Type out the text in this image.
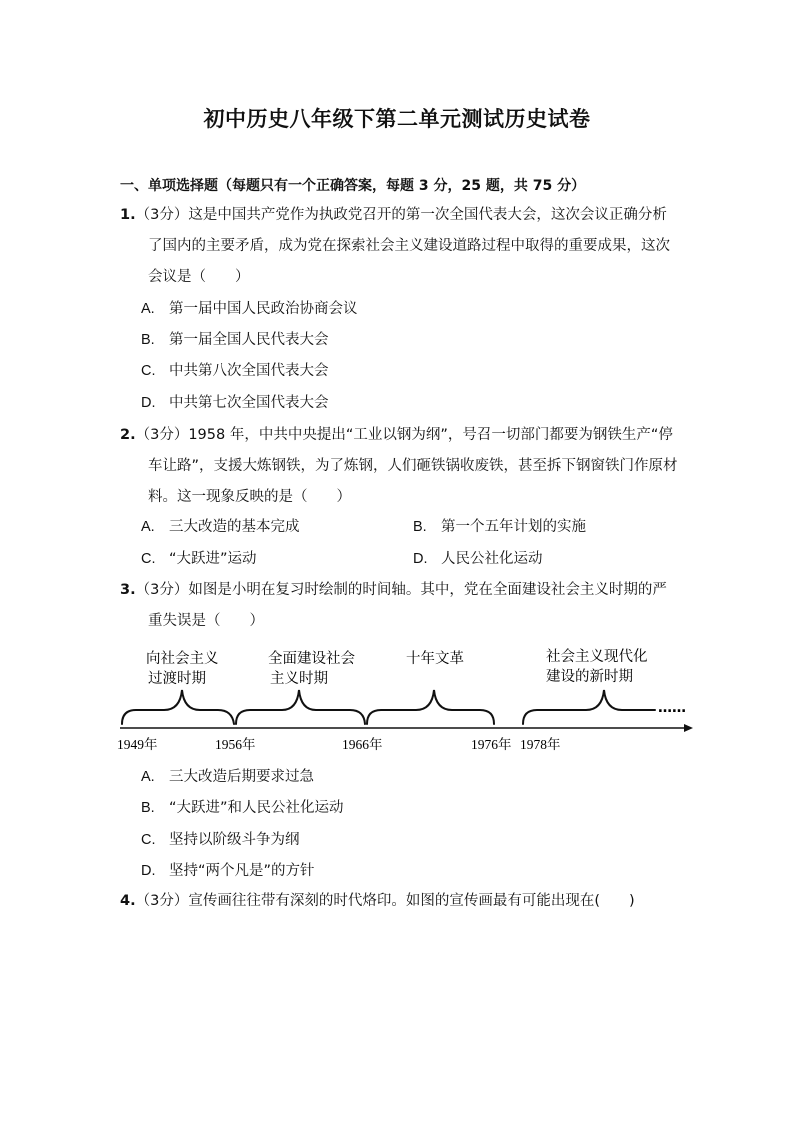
初中历史八年级下第二单元测试历史试卷
一、单项选择题（每题只有一个正确答案，每题 3 分，25 题，共 75 分）
1.（3分）这是中国共产党作为执政党召开的第一次全国代表大会，这次会议正确分析了国内的主要矛盾，成为党在探索社会主义建设道路过程中取得的重要成果，这次会议是（　　）
A. 第一届中国人民政治协商会议
B. 第一届全国人民代表大会
C. 中共第八次全国代表大会
D. 中共第七次全国代表大会
2.（3分）1958 年，中共中央提出“工业以钢为纲”，号召一切部门都要为钢铁生产“停车让路”，支援大炼钢铁，为了炼钢，人们砸铁锅收废铁，甚至拆下钢窗铁门作原材料。这一现象反映的是（　　）
A. 三大改造的基本完成	B. 第一个五年计划的实施
C. “大跃进”运动	D. 人民公社化运动
3.（3分）如图是小明在复习时绘制的时间轴。其中，党在全面建设社会主义时期的严重失误是（　　）
向社会主义
过渡时期
全面建设社会
主义时期
十年文革	社会主义现代化
建设的新时期
……
1949年	1956年	1966年	1976年 1978年
A. 三大改造后期要求过急
B. “大跃进”和人民公社化运动
C. 坚持以阶级斗争为纲
D. 坚持“两个凡是”的方针
4.（3分）宣传画往往带有深刻的时代烙印。如图的宣传画最有可能出现在(　　)
